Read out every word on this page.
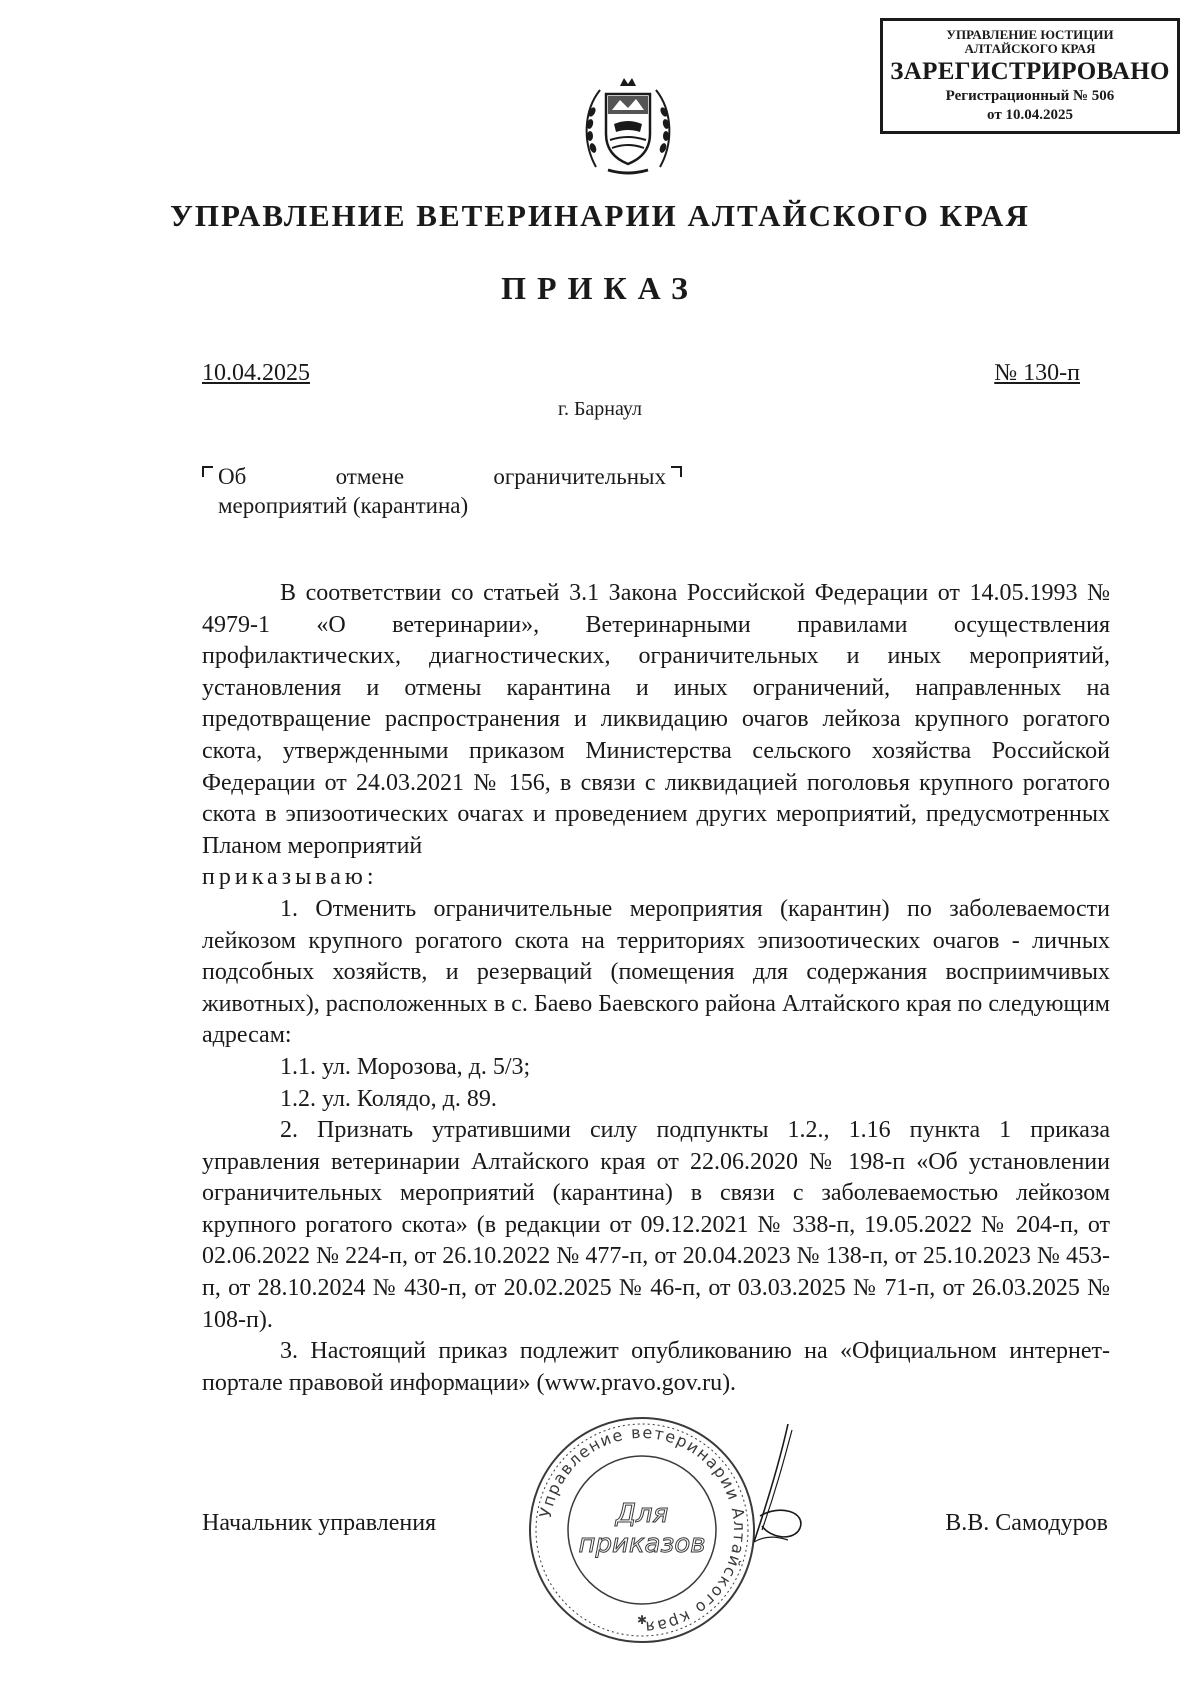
УПРАВЛЕНИЕ ЮСТИЦИИ АЛТАЙСКОГО КРАЯ
ЗАРЕГИСТРИРОВАНО
Регистрационный № 506
от 10.04.2025
УПРАВЛЕНИЕ ВЕТЕРИНАРИИ АЛТАЙСКОГО КРАЯ
ПРИКАЗ
10.04.2025	№ 130-п
г. Барнаул
Об	отмене	ограничительных
мероприятий (карантина)

В соответствии со статьей 3.1 Закона Российской Федерации от 14.05.1993 № 4979-1 «О ветеринарии», Ветеринарными правилами осуществления профилактических, диагностических, ограничительных и иных мероприятий, установления и отмены карантина и иных ограничений, направленных на предотвращение распространения и ликвидацию очагов лейкоза крупного рогатого скота, утвержденными приказом Министерства сельского хозяйства Российской Федерации от 24.03.2021 № 156, в связи с ликвидацией поголовья крупного рогатого скота в эпизоотических очагах и проведением других мероприятий, предусмотренных Планом мероприятий

приказываю:

1. Отменить ограничительные мероприятия (карантин) по заболеваемости лейкозом крупного рогатого скота на территориях эпизоотических очагов - личных подсобных хозяйств, и резерваций (помещения для содержания восприимчивых животных), расположенных в с. Баево Баевского района Алтайского края по следующим адресам:

1.1. ул. Морозова, д. 5/3;

1.2. ул. Колядо, д. 89.

2. Признать утратившими силу подпункты 1.2., 1.16 пункта 1 приказа управления ветеринарии Алтайского края от 22.06.2020 № 198-п «Об установлении ограничительных мероприятий (карантина) в связи с заболеваемостью лейкозом крупного рогатого скота» (в редакции от 09.12.2021 № 338-п, 19.05.2022 № 204-п, от 02.06.2022 № 224-п, от 26.10.2022 № 477-п, от 20.04.2023 № 138-п, от 25.10.2023 № 453-п, от 28.10.2024 № 430-п, от 20.02.2025 № 46-п, от 03.03.2025 № 71-п, от 26.03.2025 № 108-п).

3. Настоящий приказ подлежит опубликованию на «Официальном интернет-портале правовой информации» (www.pravo.gov.ru).

Управление ветеринарии Алтайского края
Для
приказов
✱
Начальник управления	В.В. Самодуров
